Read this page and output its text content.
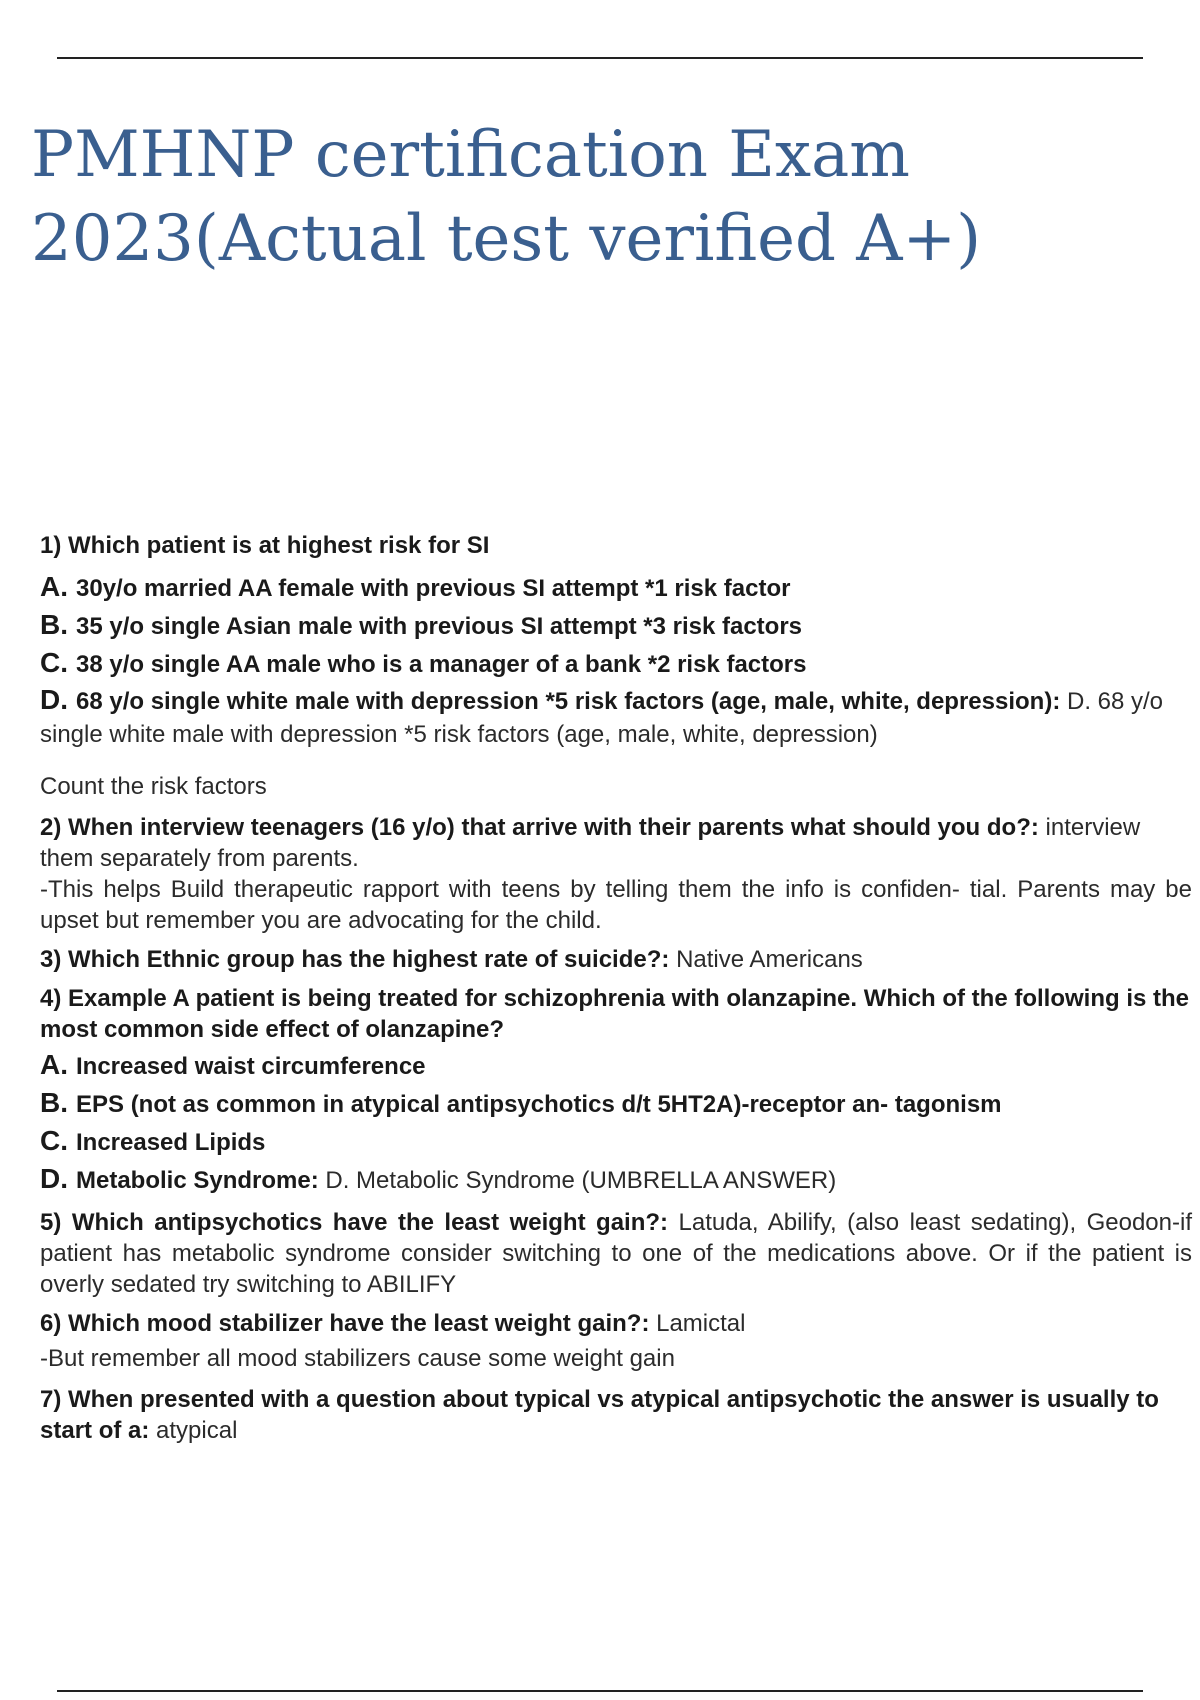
PMHNP certification Exam
2023(Actual test verified A+)
1) Which patient is at highest risk for SI
A. 30y/o married AA female with previous SI attempt *1 risk factor
B. 35 y/o single Asian male with previous SI attempt *3 risk factors
C. 38 y/o single AA male who is a manager of a bank *2 risk factors
D. 68 y/o single white male with depression *5 risk factors (age, male, white, depression): D. 68 y/o single white male with depression *5 risk factors (age, male, white, depression)
Count the risk factors
2) When interview teenagers (16 y/o) that arrive with their parents what should you do?: interview them separately from parents.
-This helps Build therapeutic rapport with teens by telling them the info is confiden- tial. Parents may be upset but remember you are advocating for the child.
3) Which Ethnic group has the highest rate of suicide?: Native Americans
4) Example A patient is being treated for schizophrenia with olanzapine. Which of the following is the most common side effect of olanzapine?
A. Increased waist circumference
B. EPS (not as common in atypical antipsychotics d/t 5HT2A)-receptor an- tagonism
C. Increased Lipids
D. Metabolic Syndrome: D. Metabolic Syndrome (UMBRELLA ANSWER)
5) Which antipsychotics have the least weight gain?: Latuda, Abilify, (also least sedating), Geodon-if patient has metabolic syndrome consider switching to one of the medications above. Or if the patient is overly sedated try switching to ABILIFY
6) Which mood stabilizer have the least weight gain?: Lamictal
-But remember all mood stabilizers cause some weight gain
7) When presented with a question about typical vs atypical antipsychotic the answer is usually to start of a: atypical
